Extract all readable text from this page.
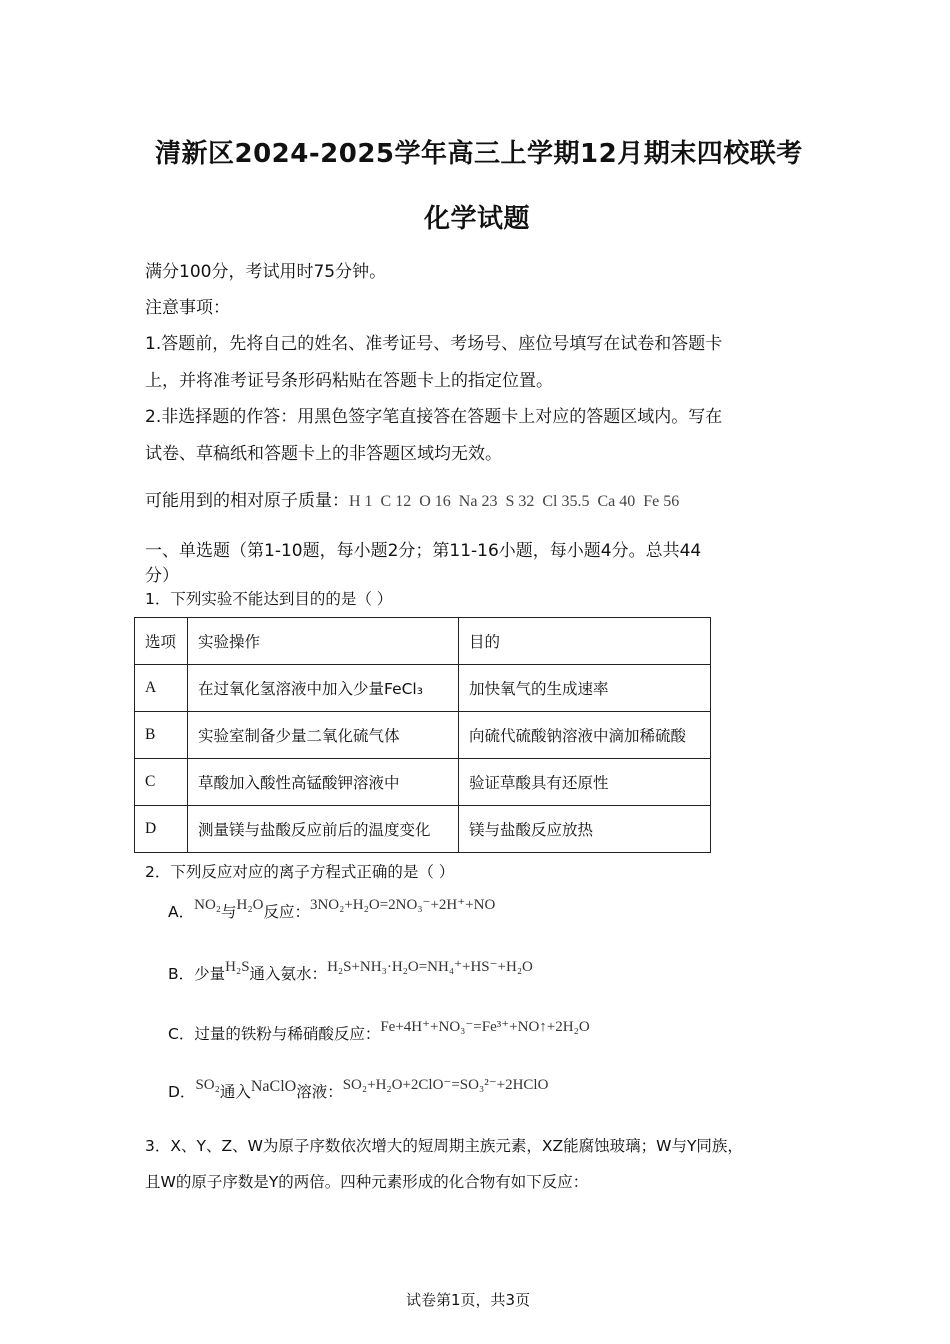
清新区2024-2025学年高三上学期12月期末四校联考
化学试题
满分100分，考试用时75分钟。
注意事项：
1.答题前，先将自己的姓名、准考证号、考场号、座位号填写在试卷和答题卡
上，并将准考证号条形码粘贴在答题卡上的指定位置。
2.非选择题的作答：用黑色签字笔直接答在答题卡上对应的答题区域内。写在
试卷、草稿纸和答题卡上的非答题区域均无效。
可能用到的相对原子质量：H 1  C 12  O 16  Na 23  S 32  Cl 35.5  Ca 40  Fe 56
一、单选题（第1-10题，每小题2分；第11-16小题，每小题4分。总共44
分）
1．下列实验不能达到目的的是（ ）
选项	实验操作	目的
A	在过氧化氢溶液中加入少量FeCl₃	加快氧气的生成速率
B	实验室制备少量二氧化硫气体	向硫代硫酸钠溶液中滴加稀硫酸
C	草酸加入酸性高锰酸钾溶液中	验证草酸具有还原性
D	测量镁与盐酸反应前后的温度变化	镁与盐酸反应放热
2．下列反应对应的离子方程式正确的是（ ）
A．NO₂与H₂O反应：3NO₂+H₂O=2NO₃⁻+2H⁺+NO
B．少量H₂S通入氨水：H₂S+NH₃·H₂O=NH₄⁺+HS⁻+H₂O
C．过量的铁粉与稀硝酸反应：Fe+4H⁺+NO₃⁻=Fe³⁺+NO↑+2H₂O
D．SO₂通入NaClO溶液：SO₂+H₂O+2ClO⁻=SO₃²⁻+2HClO
3．X、Y、Z、W为原子序数依次增大的短周期主族元素，XZ能腐蚀玻璃；W与Y同族，
且W的原子序数是Y的两倍。四种元素形成的化合物有如下反应：
试卷第1页，共3页
